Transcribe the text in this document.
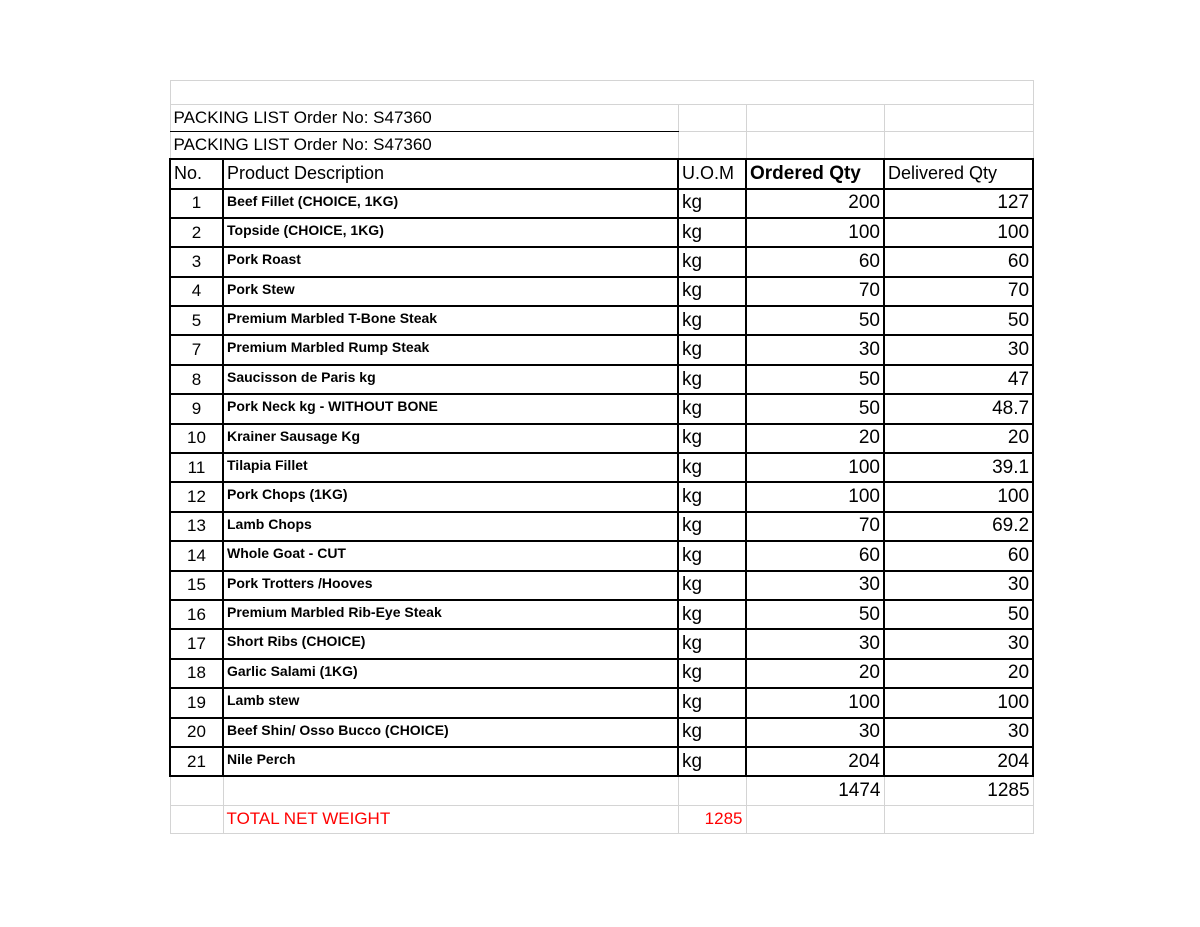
PACKING LIST Order No: S47360				
PACKING LIST Order No: S47360				
No.	Product Description	U.O.M	Ordered Qty	Delivered Qty
1	Beef Fillet (CHOICE, 1KG)	kg	200	127
2	Topside (CHOICE, 1KG)	kg	100	100
3	Pork Roast	kg	60	60
4	Pork Stew	kg	70	70
5	Premium Marbled T-Bone Steak	kg	50	50
7	Premium Marbled Rump Steak	kg	30	30
8	Saucisson de Paris kg	kg	50	47
9	Pork Neck kg - WITHOUT BONE	kg	50	48.7
10	Krainer Sausage Kg	kg	20	20
11	Tilapia Fillet	kg	100	39.1
12	Pork Chops (1KG)	kg	100	100
13	Lamb Chops	kg	70	69.2
14	Whole Goat - CUT	kg	60	60
15	Pork Trotters /Hooves	kg	30	30
16	Premium Marbled Rib-Eye Steak	kg	50	50
17	Short Ribs (CHOICE)	kg	30	30
18	Garlic Salami (1KG)	kg	20	20
19	Lamb stew	kg	100	100
20	Beef Shin/ Osso Bucco (CHOICE)	kg	30	30
21	Nile Perch	kg	204	204
			1474	1285
	TOTAL NET WEIGHT	1285		
